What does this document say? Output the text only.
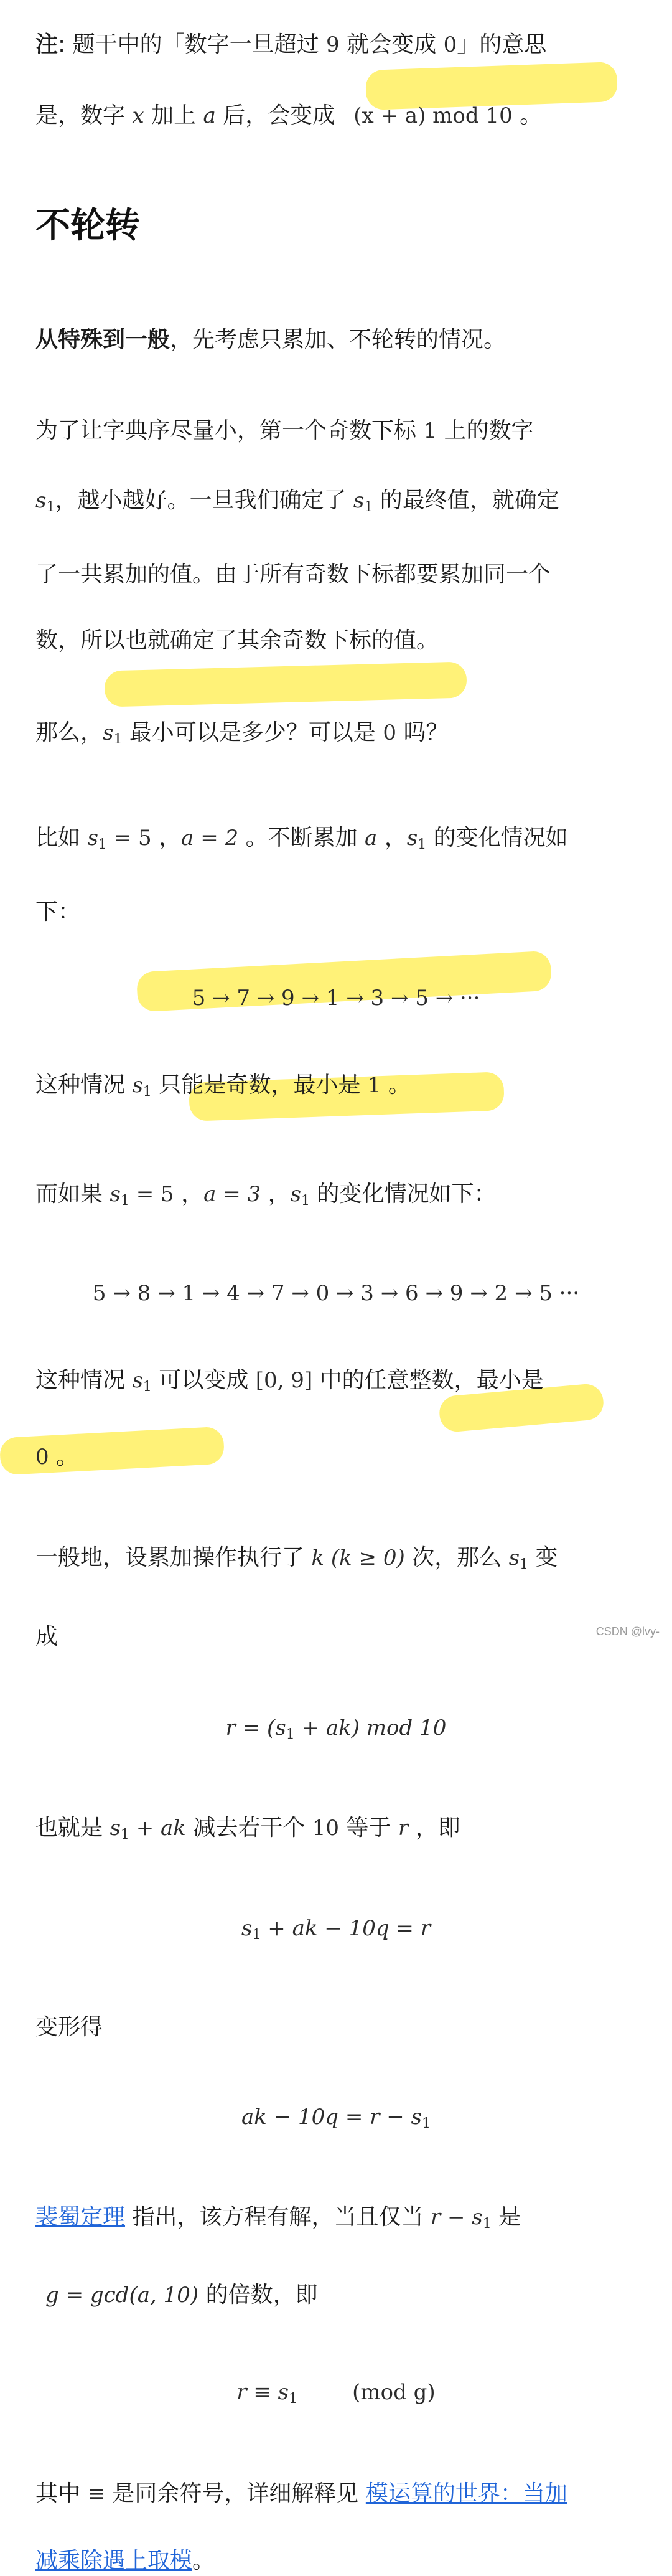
注: 题干中的「数字一旦超过 9 就会变成 0」的意思
是，数字 x 加上 a 后，会变成 (x + a) mod 10 。
不轮转
从特殊到一般，先考虑只累加、不轮转的情况。
为了让字典序尽量小，第一个奇数下标 1 上的数字
$s_1$，越小越好。一旦我们确定了 $s_1$ 的最终值，就确定
了一共累加的值。由于所有奇数下标都要累加同一个
数，所以也就确定了其余奇数下标的值。
那么，$s_1$ 最小可以是多少？可以是 0 吗？
比如 $s_1 = 5$ ，a = 2 。不断累加 a ，$s_1$ 的变化情况如
下：
5 → 7 → 9 → 1 → 3 → 5 → ···
这种情况 $s_1$ 只能是奇数，最小是 1 。
而如果 $s_1 = 5$ ，a = 3 ，$s_1$ 的变化情况如下：
5 → 8 → 1 → 4 → 7 → 0 → 3 → 6 → 9 → 2 → 5 ···
这种情况 $s_1$ 可以变成 [0, 9] 中的任意整数，最小是
0 。
一般地，设累加操作执行了 k (k ≥ 0) 次，那么 $s_1$ 变
成
$r = (s_1 + ak)$ mod 10
也就是 $s_1$ + ak 减去若干个 10 等于 r ，即
$s_1$ + ak − 10q = r
变形得
ak − $10q = r - s_1$
裴蜀定理 指出，该方程有解，当且仅当 $r - s_1$ 是
g = gcd(a, 10) 的倍数，即
$r \equiv s_1$	(mod g)
其中 ≡ 是同余符号，详细解释见 模运算的世界：当加
减乘除遇上取模。
CSDN @lvy-
